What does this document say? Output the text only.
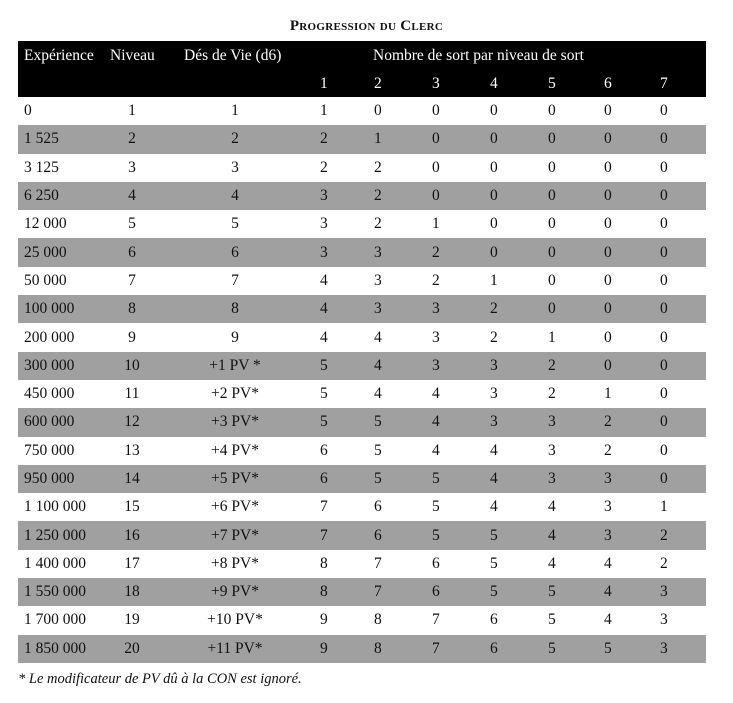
Progression du Clerc
Expérience	Niveau	Dés de Vie (d6)		Nombre de sort par niveau de sort					
			1	2	3	4	5	6	7
0	1	1	1	0	0	0	0	0	0
1 525	2	2	2	1	0	0	0	0	0
3 125	3	3	2	2	0	0	0	0	0
6 250	4	4	3	2	0	0	0	0	0
12 000	5	5	3	2	1	0	0	0	0
25 000	6	6	3	3	2	0	0	0	0
50 000	7	7	4	3	2	1	0	0	0
100 000	8	8	4	3	3	2	0	0	0
200 000	9	9	4	4	3	2	1	0	0
300 000	10	+1 PV *	5	4	3	3	2	0	0
450 000	11	+2 PV*	5	4	4	3	2	1	0
600 000	12	+3 PV*	5	5	4	3	3	2	0
750 000	13	+4 PV*	6	5	4	4	3	2	0
950 000	14	+5 PV*	6	5	5	4	3	3	0
1 100 000	15	+6 PV*	7	6	5	4	4	3	1
1 250 000	16	+7 PV*	7	6	5	5	4	3	2
1 400 000	17	+8 PV*	8	7	6	5	4	4	2
1 550 000	18	+9 PV*	8	7	6	5	5	4	3
1 700 000	19	+10 PV*	9	8	7	6	5	4	3
1 850 000	20	+11 PV*	9	8	7	6	5	5	3
* Le modificateur de PV dû à la CON est ignoré.
